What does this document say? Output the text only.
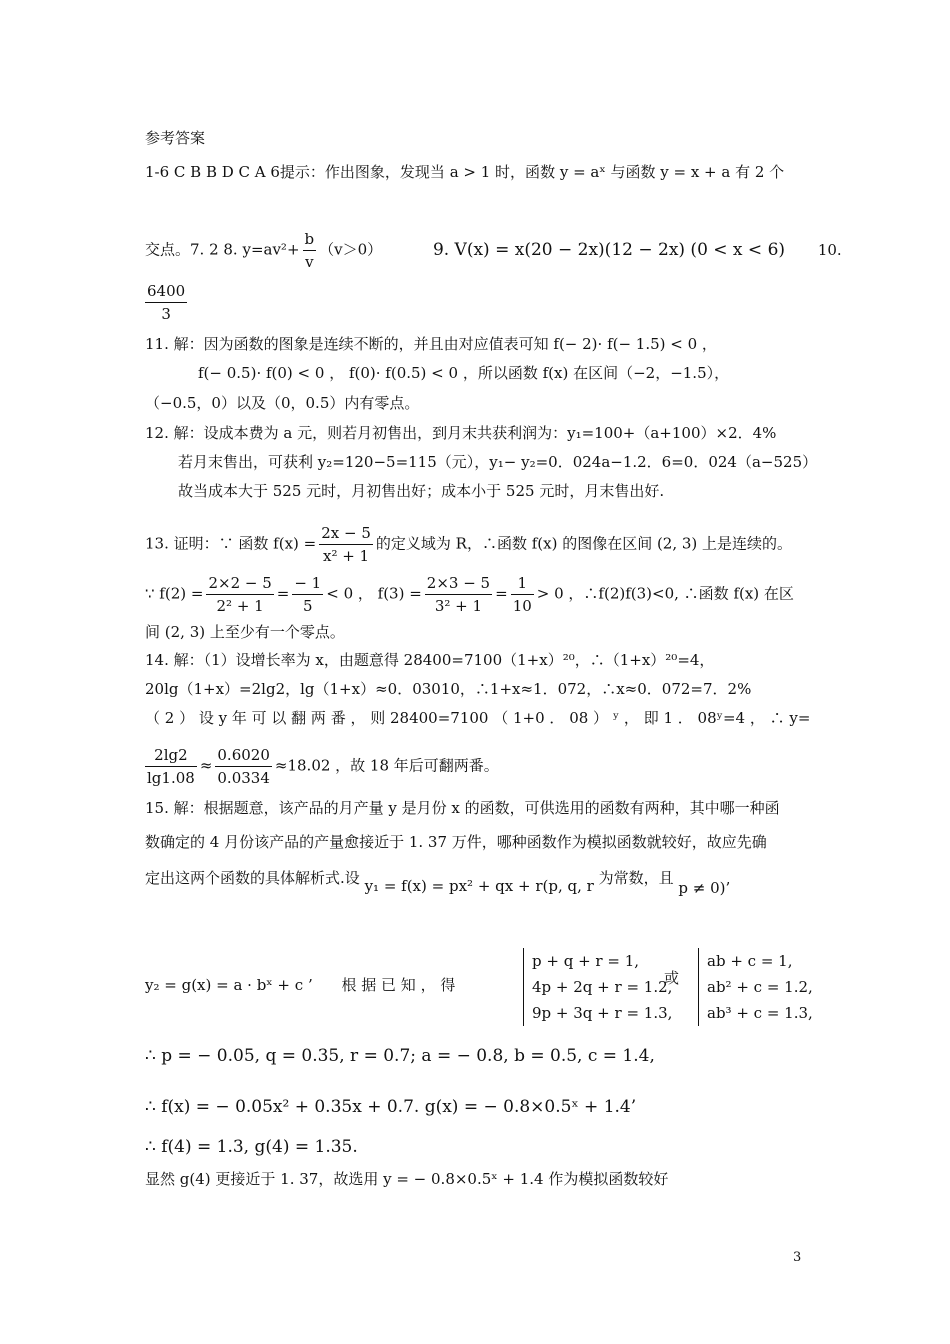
参考答案
1-6 C B B D C A 6提示：作出图象，发现当 a > 1 时，函数 y = aˣ 与函数 y = x + a 有 2 个
交点。7. 2 8. $y=av^2+ \frac{b}{v} (v>0)$	9. V(x) = x(20 − 2x)(12 − 2x) (0 < x < 6) 10.
$\frac{6400}{3}$
11. 解：因为函数的图象是连续不断的，并且由对应值表可知 f(− 2)· f(− 1.5) < 0 ，
f(− 0.5)· f(0) < 0 ， f(0)· f(0.5) < 0 ，所以函数 f(x) 在区间（−2，−1.5），
（−0.5，0）以及（0，0.5）内有零点。
12. 解：设成本费为 a 元，则若月初售出，到月末共获利润为：y₁=100+（a+100）×2．4%
若月末售出，可获利 y₂=120−5=115（元），y₁− y₂=0．024a−1.2．6=0．024（a−525）
故当成本大于 525 元时，月初售出好；成本小于 525 元时，月末售出好.
13. 证明：∵ 函数 $f(x) = \frac{2x - 5}{\text{x² + 1}}$ 的定义域为 R，∴函数 f(x) 的图像在区间 (2, 3) 上是连续的。
∵ $f(2) = \frac{2\times 2 - 5}{\text{2² + 1}} = \frac{- 1}{5} < 0$ ， $f(3) = \frac{2\times 3 - 5}{\text{3² + 1}} = \frac{1}{10} > 0$ ，∴f(2)f(3)<0, ∴函数 f(x) 在区
间 (2, 3) 上至少有一个零点。
14. 解：（1）设增长率为 x，由题意得 28400=7100（1+x）²⁰，∴（1+x）²⁰=4，
20lg（1+x）=2lg2，lg（1+x）≈0．03010，∴1+x≈1．072，∴x≈0．072=7．2%
（ 2 ） 设 y 年 可 以 翻 两 番 ， 则 28400=7100 （ 1+0 ． 08 ） ʸ ， 即 1 ． 08ʸ=4 ， ∴ y=
$\frac{2\lg 2}{\lg 1.08} \approx \frac{0.6020}{0.0334} \approx 18.02$ ，故 18 年后可翻两番。
15. 解：根据题意，该产品的月产量 y 是月份 x 的函数，可供选用的函数有两种，其中哪一种函
数确定的 4 月份该产品的产量愈接近于 1. 37 万件，哪种函数作为模拟函数就较好，故应先确
定出这两个函数的具体解析式.设 y₁ = f(x) = px² + qx + r(p, q, r 为常数，且 p ≠ 0)’
y₂ = g(x) = a · bˣ + c ’ 根 据 已 知 ， 得
p + q + r = 1,
4p + 2q + r = 1.2,
9p + 3q + r = 1.3,
或
ab + c = 1,
ab² + c = 1.2,
ab³ + c = 1.3,
∴ p = − 0.05, q = 0.35, r = 0.7; a = − 0.8, b = 0.5, c = 1.4,
∴ f(x) = − 0.05x² + 0.35x + 0.7. g(x) = − 0.8×0.5ˣ + 1.4’
∴ f(4) = 1.3, g(4) = 1.35.
显然 g(4) 更接近于 1. 37，故选用 y = − 0.8×0.5ˣ + 1.4 作为模拟函数较好
3
